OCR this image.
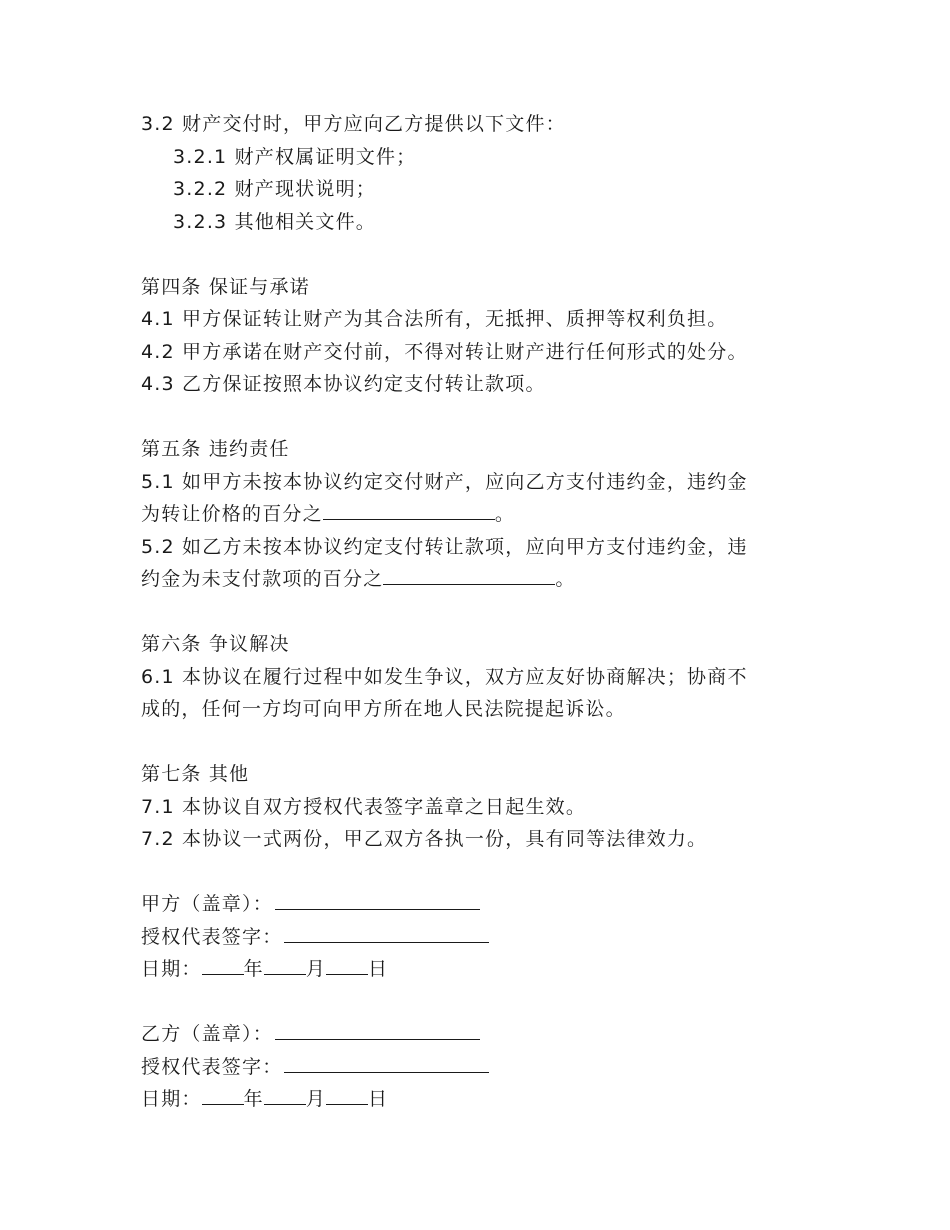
3.2 财产交付时，甲方应向乙方提供以下文件：
3.2.1 财产权属证明文件；
3.2.2 财产现状说明；
3.2.3 其他相关文件。
第四条 保证与承诺
4.1 甲方保证转让财产为其合法所有，无抵押、质押等权利负担。
4.2 甲方承诺在财产交付前，不得对转让财产进行任何形式的处分。
4.3 乙方保证按照本协议约定支付转让款项。
第五条 违约责任
5.1 如甲方未按本协议约定交付财产，应向乙方支付违约金，违约金
为转让价格的百分之	。
5.2 如乙方未按本协议约定支付转让款项，应向甲方支付违约金，违
约金为未支付款项的百分之	。
第六条 争议解决
6.1 本协议在履行过程中如发生争议，双方应友好协商解决；协商不
成的，任何一方均可向甲方所在地人民法院提起诉讼。
第七条 其他
7.1 本协议自双方授权代表签字盖章之日起生效。
7.2 本协议一式两份，甲乙双方各执一份，具有同等法律效力。
甲方（盖章）：
授权代表签字：
日期： 年 月 日
乙方（盖章）：
授权代表签字：
日期： 年 月 日
